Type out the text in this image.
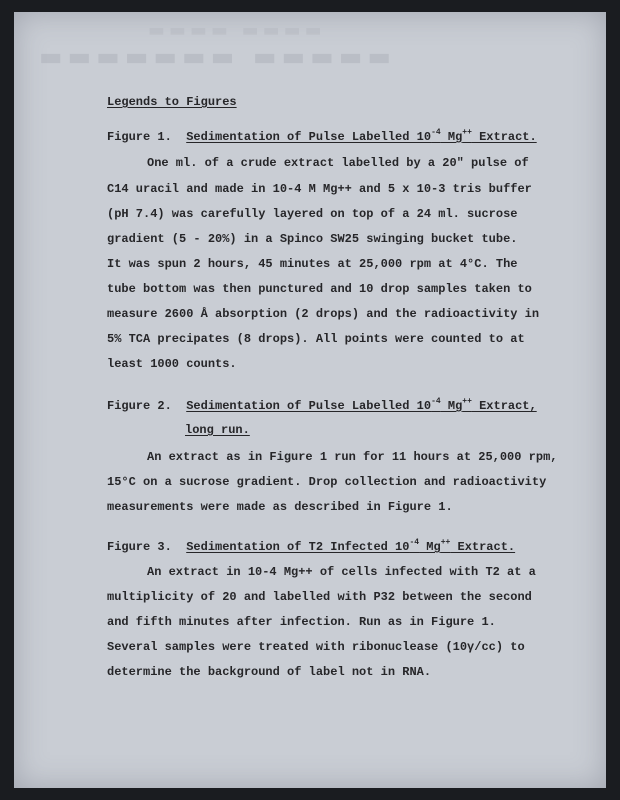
▬▬▬▬ ▬▬▬▬
▬▬▬▬▬ ▬▬▬▬▬▬▬
Legends to Figures
Figure 1. Sedimentation of Pulse Labelled $10^{-4}$ Mg++ Extract.
One ml. of a crude extract labelled by a 20" pulse of
C14 uracil and made in 10-4 M Mg++ and 5 x 10-3 tris buffer
(pH 7.4) was carefully layered on top of a 24 ml. sucrose
gradient (5 - 20%) in a Spinco SW25 swinging bucket tube.
It was spun 2 hours, 45 minutes at 25,000 rpm at 4°C. The
tube bottom was then punctured and 10 drop samples taken to
measure 2600 Å absorption (2 drops) and the radioactivity in
5% TCA precipates (8 drops). All points were counted to at
least 1000 counts.
Figure 2. Sedimentation of Pulse Labelled $10^{-4}$ Mg++ Extract,
long run.
An extract as in Figure 1 run for 11 hours at 25,000 rpm,
15°C on a sucrose gradient. Drop collection and radioactivity
measurements were made as described in Figure 1.
Figure 3. Sedimentation of T2 Infected $10^{-4}$ Mg++ Extract.
An extract in 10-4 Mg++ of cells infected with T2 at a
multiplicity of 20 and labelled with P32 between the second
and fifth minutes after infection. Run as in Figure 1.
Several samples were treated with ribonuclease (10γ/cc) to
determine the background of label not in RNA.
